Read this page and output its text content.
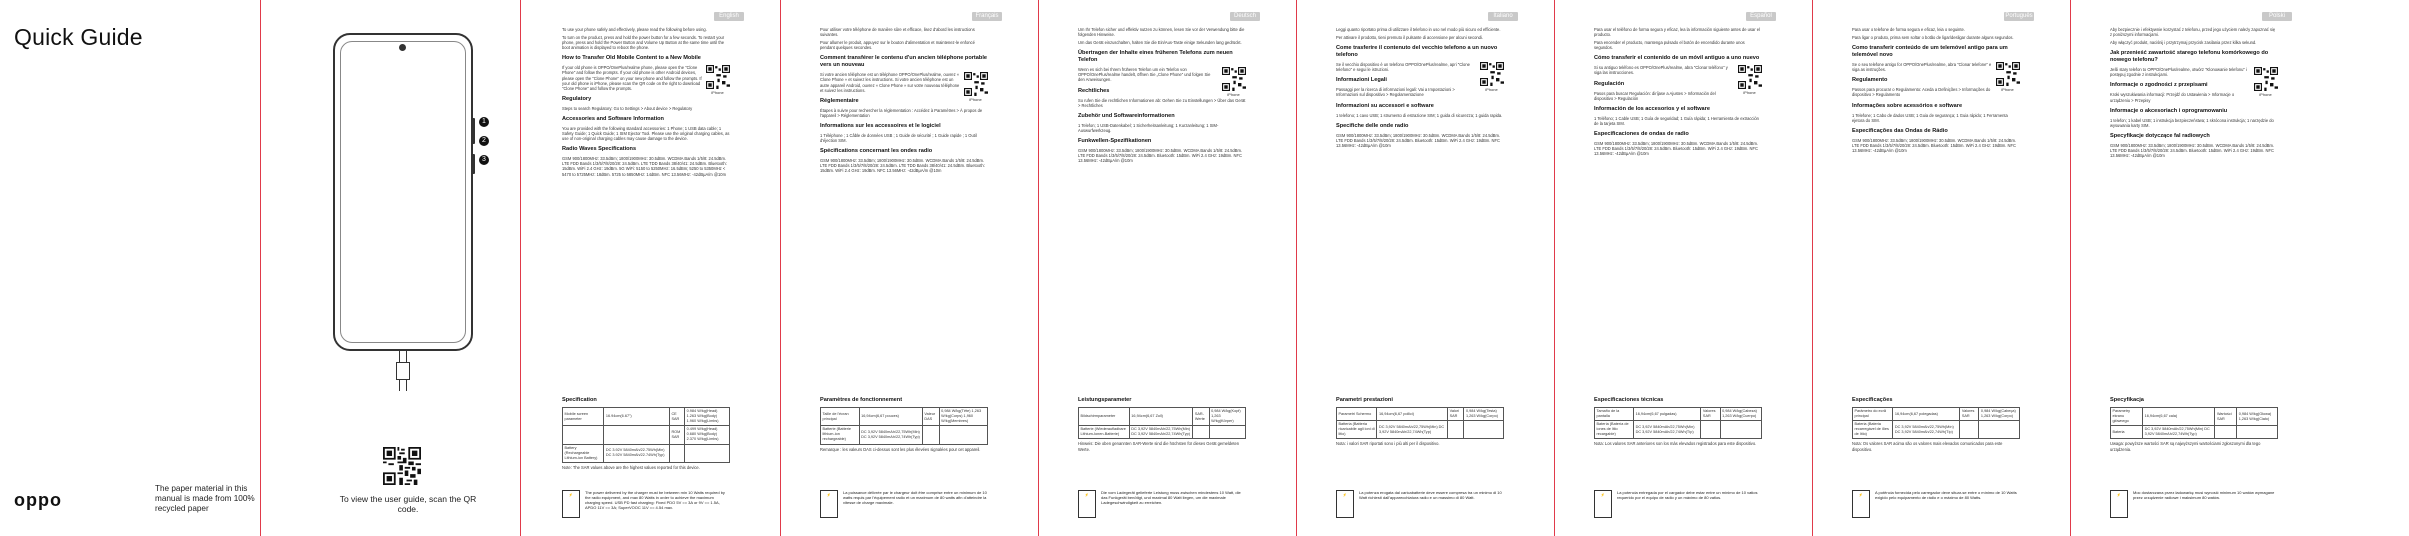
Quick Guide
oppo
The paper material in this manual is made from 100% recycled paper
1
2
3
To view the user guide, scan the QR code.
English

To use your phone safely and effectively, please read the following before using.

To turn on the product, press and hold the power button for a few seconds. To restart your phone, press and hold the Power Button and Volume Up Button at the same time until the boot animation is displayed to reboot the phone.

How to Transfer Old Mobile Content to a New Mobile
iPhone

If your old phone is OPPO/OnePlus/realme phone, please open the "Clone Phone" and follow the prompts. If your old phone is other Android devices, please open the "Clone Phone" on your new phone and follow the prompts. If your old phone is iPhone, please scan the QR code on the right to download "Clone Phone" and follow the prompts.

Regulatory

Steps to search Regulatory: Go to Settings > About device > Regulatory

Accessories and Software Information

You are provided with the following standard accessories: 1 Phone; 1 USB data cable; 1 Safety Guide; 1 Quick Guide; 1 SIM Ejector Tool. Please use the original charging cables, as use of non-original charging cables may cause damage to the device.

Radio Waves Specifications

GSM 900/1800MHz: 33.5dBm; 1800/1900MHz: 30.5dBm. WCDMA Bands 1/5/8: 24.5dBm. LTE FDD Bands 1/3/5/7/8/20/28: 24.5dBm. LTE TDD Bands 38/40/41: 24.5dBm. Bluetooth: 15dBm. WiFi 2.4 GHz: 19dBm. 5G WiFi: 5150 to 5250MHz: 16.5dBm; 5250 to 5350MHz < 5470 to 5725MHz: 18dBm. 5725 to 5850MHz: 14dBm. NFC 13.56MHz: -42dBμA/m @10m

Specification
Mobile screen parameter	16.94cm(6.67")	CE SAR	0.984 W/kg(Head) 1.263 W/kg(Body) 1.960 W/kg(Limbs)
		ROM SAR	0.499 W/kg(Head) 0.680 W/kg(Body) 2.370 W/kg(Limbs)
Battery (Rechargeable Lithium-ion Battery)	DC 3.92V 5840mAh/22.75Wh(Min) DC 3.92V 5840mAh/22.74Wh(Typ)		

Note: The SAR values above are the highest values reported for this device.

⚡	The power delivered by the charger must be between min 10 Watts required by the radio equipment, and max 80 Watts in order to achieve the maximum charging speed. USB PD fast charging: Fixed PDO 5V == 3A or 9V == 1.5A, APDO 11V == 3A; SuperVOOC 11V == 4.54 max.
Français

Pour utiliser votre téléphone de manière sûre et efficace, lisez d'abord les instructions suivantes.

Pour allumer le produit, appuyez sur le bouton d'alimentation et maintenez-le enfoncé pendant quelques secondes.

Comment transférer le contenu d'un ancien téléphone portable vers un nouveau
iPhone

Si votre ancien téléphone est un téléphone OPPO/OnePlus/realme, ouvrez « Clone Phone » et suivez les instructions. Si votre ancien téléphone est un autre appareil Android, ouvrez « Clone Phone » sur votre nouveau téléphone et suivez les instructions.

Réglementaire

Étapes à suivre pour rechercher la réglementation : Accédez à Paramètres > À propos de l'appareil > Réglementation

Informations sur les accessoires et le logiciel

1 Téléphone ; 1 Câble de données USB ; 1 Guide de sécurité ; 1 Guide rapide ; 1 Outil d'éjection SIM.

Spécifications concernant les ondes radio

GSM 900/1800MHz: 33.5dBm; 1800/1900MHz: 30.5dBm. WCDMA Bands 1/5/8: 24.5dBm. LTE FDD Bands 1/3/5/7/8/20/28: 24.5dBm. LTE TDD Bands 38/40/41: 24.5dBm. Bluetooth: 15dBm. WiFi 2.4 GHz: 19dBm. NFC 13.56MHz: -42dBμA/m @10m

Paramètres de fonctionnement
Taille de l'écran principal	16,94cm(6,67 pouces)	Valeur DAS	0,984 W/kg(Tête) 1,263 W/kg(Corps) 1,960 W/kg(Membres)
Batterie (Batterie lithium-ion rechargeable)	DC 3,92V 5840mAh/22,75Wh(Min) DC 3,92V 5840mAh/22,74Wh(Typ)		

Remarque : les valeurs DAS ci-dessus sont les plus élevées signalées pour cet appareil.

⚡	La puissance délivrée par le chargeur doit être comprise entre un minimum de 10 watts requis par l'équipement radio et un maximum de 80 watts afin d'atteindre la vitesse de charge maximale.
Deutsch

Um Ihr Telefon sicher und effektiv nutzen zu können, lesen Sie vor der Verwendung bitte die folgenden Hinweise.

Um das Gerät einzuschalten, halten Sie die Ein/Aus-Taste einige Sekunden lang gedrückt.

Übertragen der Inhalte eines früheren Telefons zum neuen Telefon
iPhone

Wenn es sich bei Ihrem früheren Telefon um ein Telefon von OPPO/OnePlus/realme handelt, öffnen Sie „Clone Phone“ und folgen Sie den Anweisungen.

Rechtliches

So rufen Sie die rechtlichen Informationen ab: Gehen Sie zu Einstellungen > Über das Gerät > Rechtliches

Zubehör und Softwareinformationen

1 Telefon; 1 USB-Datenkabel; 1 Sicherheitsanleitung; 1 Kurzanleitung; 1 SIM-Auswurfwerkzeug.

Funkwellen-Spezifikationen

GSM 900/1800MHz: 33.5dBm; 1800/1900MHz: 30.5dBm. WCDMA Bands 1/5/8: 24.5dBm. LTE FDD Bands 1/3/5/7/8/20/28: 24.5dBm. Bluetooth: 15dBm. WiFi 2.4 GHz: 19dBm. NFC 13.56MHz: -42dBμA/m @10m

Leistungsparameter
Bildschirmparameter	16,94cm(6,67 Zoll)	SAR-Werte	0,984 W/kg(Kopf) 1,263 W/kg(Körper)
Batterie (Wiederaufladbare Lithium-Ionen-Batterie)	DC 3,92V 5840mAh/22,75Wh(Min) DC 3,92V 5840mAh/22,74Wh(Typ)		

Hinweis: Die oben genannten SAR-Werte sind die höchsten für dieses Gerät gemeldeten Werte.

⚡	Die vom Ladegerät gelieferte Leistung muss zwischen mindestens 10 Watt, die das Funkgerät benötigt, und maximal 80 Watt liegen, um die maximale Ladegeschwindigkeit zu erreichen.
Italiano

Leggi quanto riportato prima di utilizzare il telefono in uso nel modo più sicuro ed efficiente.

Per attivare il prodotto, tieni premuto il pulsante di accensione per alcuni secondi.

Come trasferire il contenuto del vecchio telefono a un nuovo telefono
iPhone

Se il vecchio dispositivo è un telefono OPPO/OnePlus/realme, apri "Clone telefono" e segui le istruzioni.

Informazioni Legali

Passaggi per la ricerca di informazioni legali: Vai a Impostazioni > Informazioni sul dispositivo > Regolamentazione

Informazioni su accessori e software

1 telefono; 1 cavo USB; 1 strumento di estrazione SIM; 1 guida di sicurezza; 1 guida rapida.

Specifiche delle onde radio

GSM 900/1800MHz: 33.5dBm; 1800/1900MHz: 30.5dBm. WCDMA Bands 1/5/8: 24.5dBm. LTE FDD Bands 1/3/5/7/8/20/28: 24.5dBm. Bluetooth: 15dBm. WiFi 2.4 GHz: 19dBm. NFC 13.56MHz: -42dBμA/m @10m

Parametri prestazioni
Parametri Schermo	16,94cm(6,67 pollici)	Valori SAR	0,984 W/kg(Testa) 1,263 W/kg(Corpo)
Batteria (Batteria ricaricabile agli ioni di litio)	DC 3,92V 5840mAh/22,75Wh(Min) DC 3,92V 5840mAh/22,74Wh(Typ)		

Nota: i valori SAR riportati sono i più alti per il dispositivo.

⚡	La potenza erogata dal caricabatterie deve essere compresa tra un minimo di 10 Watt richiesti dall'apparecchiatura radio e un massimo di 80 Watt.
Español

Para usar el teléfono de forma segura y eficaz, lea la información siguiente antes de usar el producto.

Para encender el producto, mantenga pulsado el botón de encendido durante unos segundos.

Cómo transferir el contenido de un móvil antiguo a uno nuevo
iPhone

Si su antiguo teléfono es OPPO/OnePlus/realme, abra "Clonar teléfono" y siga las instrucciones.

Regulación

Pasos para buscar Regulación: diríjase a Ajustes > Información del dispositivo > Regulación

Información de los accesorios y el software

1 Teléfono; 1 Cable USB; 1 Guía de seguridad; 1 Guía rápida; 1 Herramienta de extracción de la tarjeta SIM.

Especificaciones de ondas de radio

GSM 900/1800MHz: 33.5dBm; 1800/1900MHz: 30.5dBm. WCDMA Bands 1/5/8: 24.5dBm. LTE FDD Bands 1/3/5/7/8/20/28: 24.5dBm. Bluetooth: 15dBm. WiFi 2.4 GHz: 19dBm. NFC 13.56MHz: -42dBμA/m @10m

Especificaciones técnicas
Tamaño de la pantalla	16,94cm(6,67 pulgadas)	Valores SAR	0,984 W/kg(Cabeza) 1,263 W/kg(Cuerpo)
Batería (Batería de iones de litio recargable)	DC 3,92V 5840mAh/22,75Wh(Mín) DC 3,92V 5840mAh/22,74Wh(Típ)		

Nota: Los valores SAR anteriores son los más elevados registrados para este dispositivo.

⚡	La potencia entregada por el cargador debe estar entre un mínimo de 10 vatios requerido por el equipo de radio y un máximo de 80 vatios.
Português

Para usar o telefone de forma segura e eficaz, leia o seguinte.

Para ligar o produto, prima sem soltar o botão de ligar/desligar durante alguns segundos.

Como transferir conteúdo de um telemóvel antigo para um telemóvel novo
iPhone

Se o seu telefone antigo for OPPO/OnePlus/realme, abra "Clonar telefone" e siga as instruções.

Regulamento

Passos para procurar o Regulamento: Aceda a Definições > Informações do dispositivo > Regulamento

Informações sobre acessórios e software

1 Telefone; 1 Cabo de dados USB; 1 Guia de segurança; 1 Guia rápido; 1 Ferramenta ejetora do SIM.

Especificações das Ondas de Rádio

GSM 900/1800MHz: 33.5dBm; 1800/1900MHz: 30.5dBm. WCDMA Bands 1/5/8: 24.5dBm. LTE FDD Bands 1/3/5/7/8/20/28: 24.5dBm. Bluetooth: 15dBm. WiFi 2.4 GHz: 19dBm. NFC 13.56MHz: -42dBμA/m @10m

Especificações
Parâmetro do ecrã principal	16,94cm(6,67 polegadas)	Valores SAR	0,984 W/kg(Cabeça) 1,263 W/kg(Corpo)
Bateria (Bateria recarregável de iões de lítio)	DC 3,92V 5840mAh/22,75Wh(Mín) DC 3,92V 5840mAh/22,74Wh(Típ)		

Nota: Os valores SAR acima são os valores mais elevados comunicados para este dispositivo.

⚡	A potência fornecida pelo carregador deve situar-se entre o mínimo de 10 Watts exigido pelo equipamento de rádio e o máximo de 80 Watts.
Polski

Aby bezpiecznie i efektywnie korzystać z telefonu, przed jego użyciem należy zapoznać się z poniższymi informacjami.

Aby włączyć produkt, naciśnij i przytrzymaj przycisk zasilania przez kilka sekund.

Jak przenieść zawartość starego telefonu komórkowego do nowego telefonu?
iPhone

Jeśli stary telefon to OPPO/OnePlus/realme, otwórz "Klonowanie telefonu" i postępuj zgodnie z instrukcjami.

Informacje o zgodności z przepisami

Kroki wyszukiwania informacji: Przejdź do Ustawienia > Informacje o urządzeniu > Przepisy

Informacje o akcesoriach i oprogramowaniu

1 telefon; 1 kabel USB; 1 instrukcja bezpieczeństwa; 1 skrócona instrukcja; 1 narzędzie do wysuwania karty SIM.

Specyfikacje dotyczące fal radiowych

GSM 900/1800MHz: 33.5dBm; 1800/1900MHz: 30.5dBm. WCDMA Bands 1/5/8: 24.5dBm. LTE FDD Bands 1/3/5/7/8/20/28: 24.5dBm. Bluetooth: 15dBm. WiFi 2.4 GHz: 19dBm. NFC 13.56MHz: -42dBμA/m @10m

Specyfikacja
Parametry ekranu głównego	16,94cm(6,67 cala)	Wartości SAR	0,984 W/kg(Głowa) 1,263 W/kg(Ciało)
Bateria	DC 3,92V 5840mAh/22,75Wh(Min) DC 3,92V 5840mAh/22,74Wh(Typ)		

Uwaga: powyższe wartości SAR są najwyższymi wartościami zgłoszonymi dla tego urządzenia.

⚡	Moc dostarczana przez ładowarkę musi wynosić minimum 10 watów wymagane przez urządzenie radiowe i maksimum 80 watów.
